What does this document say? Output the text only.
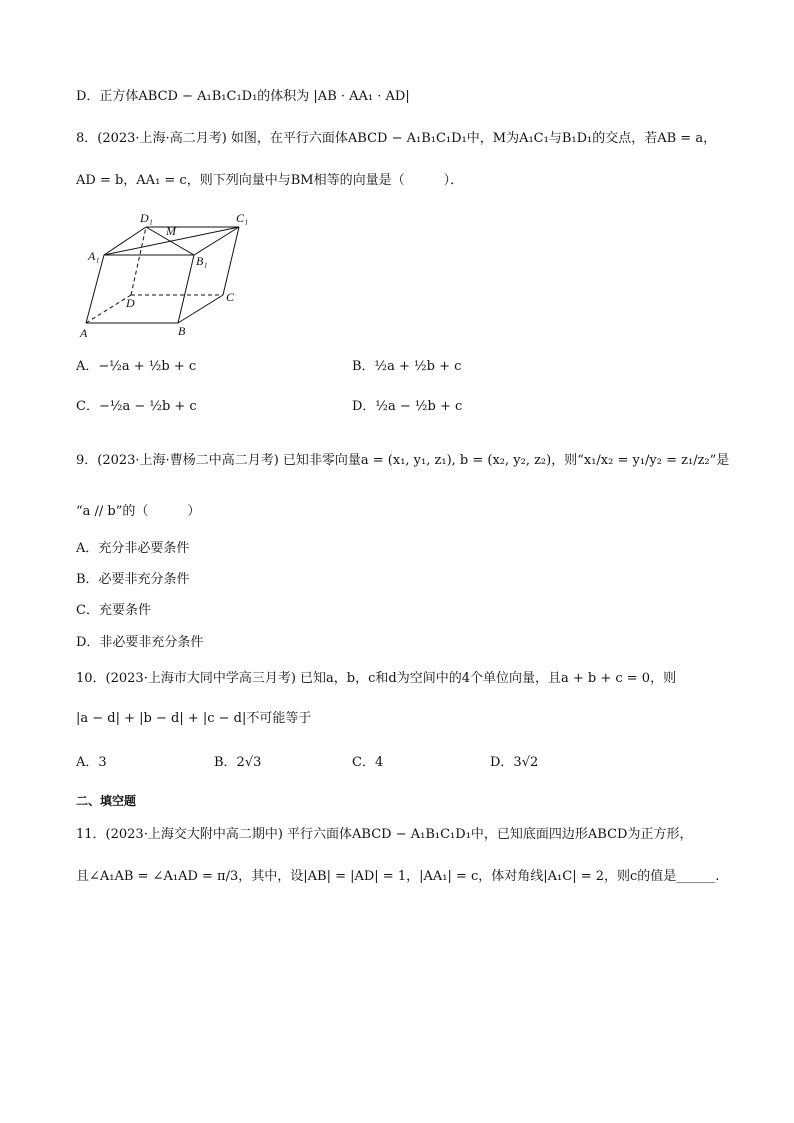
D．正方体ABCD − A₁B₁C₁D₁的体积为 |AB · AA₁ · AD|
8．(2023·上海·高二月考) 如图，在平行六面体ABCD − A₁B₁C₁D₁中，M为A₁C₁与B₁D₁的交点，若AB = a，
AD = b，AA₁ = c，则下列向量中与BM相等的向量是（　　　）．
D₁	C₁
M
A₁	B₁
D	C
A	B
A．−½a + ½b + c	B．½a + ½b + c
C．−½a − ½b + c	D．½a − ½b + c
9．(2023·上海·曹杨二中高二月考) 已知非零向量a = (x₁, y₁, z₁), b = (x₂, y₂, z₂)，则“x₁/x₂ = y₁/y₂ = z₁/z₂”是
“a // b”的（　　　）
A．充分非必要条件
B．必要非充分条件
C．充要条件
D．非必要非充分条件
10．(2023·上海市大同中学高三月考) 已知a，b，c和d为空间中的4个单位向量，且a + b + c = 0，则
|a − d| + |b − d| + |c − d|不可能等于
A．3	B．2√3	C．4	D．3√2
二、填空题
11．(2023·上海交大附中高二期中) 平行六面体ABCD − A₁B₁C₁D₁中，已知底面四边形ABCD为正方形，
且∠A₁AB = ∠A₁AD = π/3，其中，设|AB| = |AD| = 1，|AA₁| = c，体对角线|A₁C| = 2，则c的值是______.
